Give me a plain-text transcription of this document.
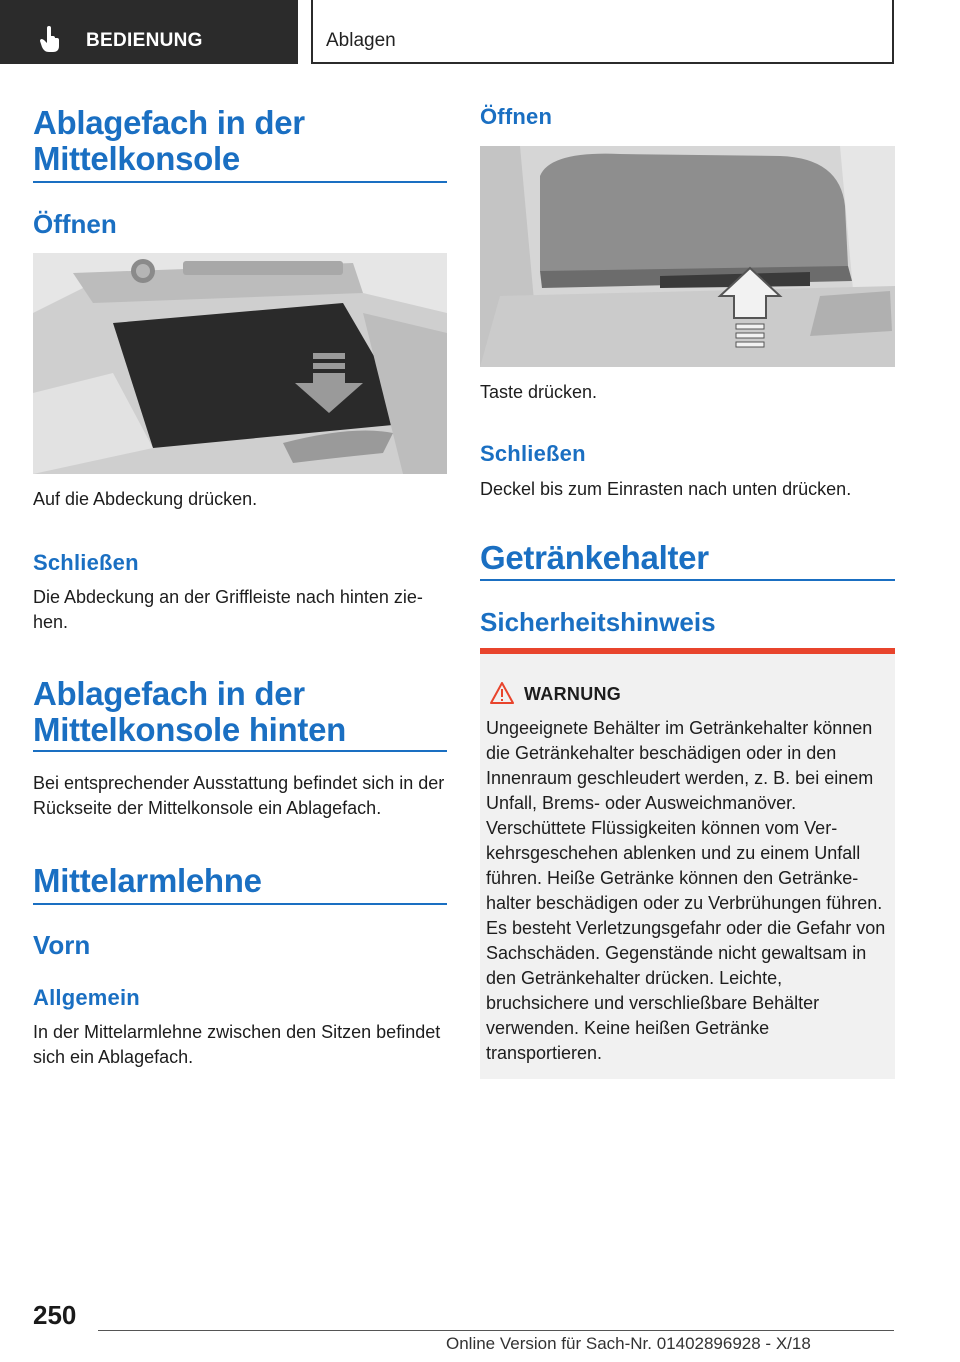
BEDIENUNG	Ablagen
Ablagefach in der Mittelkonsole
Öffnen
Auf die Abdeckung drücken.
Schließen
Die Abdeckung an der Griffleiste nach hinten ziehen.
Ablagefach in der Mittelkonsole hinten
Bei entsprechender Ausstattung befindet sich in der Rückseite der Mittelkonsole ein Ablagefach.
Mittelarmlehne
Vorn
Allgemein
In der Mittelarmlehne zwischen den Sitzen befindet sich ein Ablagefach.
Öffnen
Taste drücken.
Schließen
Deckel bis zum Einrasten nach unten drücken.
Getränkehalter
Sicherheitshinweis
WARNUNG
Ungeeignete Behälter im Getränkehalter können die Getränkehalter beschädigen oder in den Innenraum geschleudert werden, z. B. bei einem Unfall, Brems- oder Ausweichmanöver. Verschüttete Flüssigkeiten können vom Verkehrsgeschehen ablenken und zu einem Unfall führen. Heiße Getränke können den Getränkehalter beschädigen oder zu Verbrühungen führen. Es besteht Verletzungsgefahr oder die Gefahr von Sachschäden. Gegenstände nicht gewaltsam in den Getränkehalter drücken. Leichte, bruchsichere und verschließbare Behälter verwenden. Keine heißen Getränke transportieren.
250
Online Version für Sach-Nr. 01402896928 - X/18
